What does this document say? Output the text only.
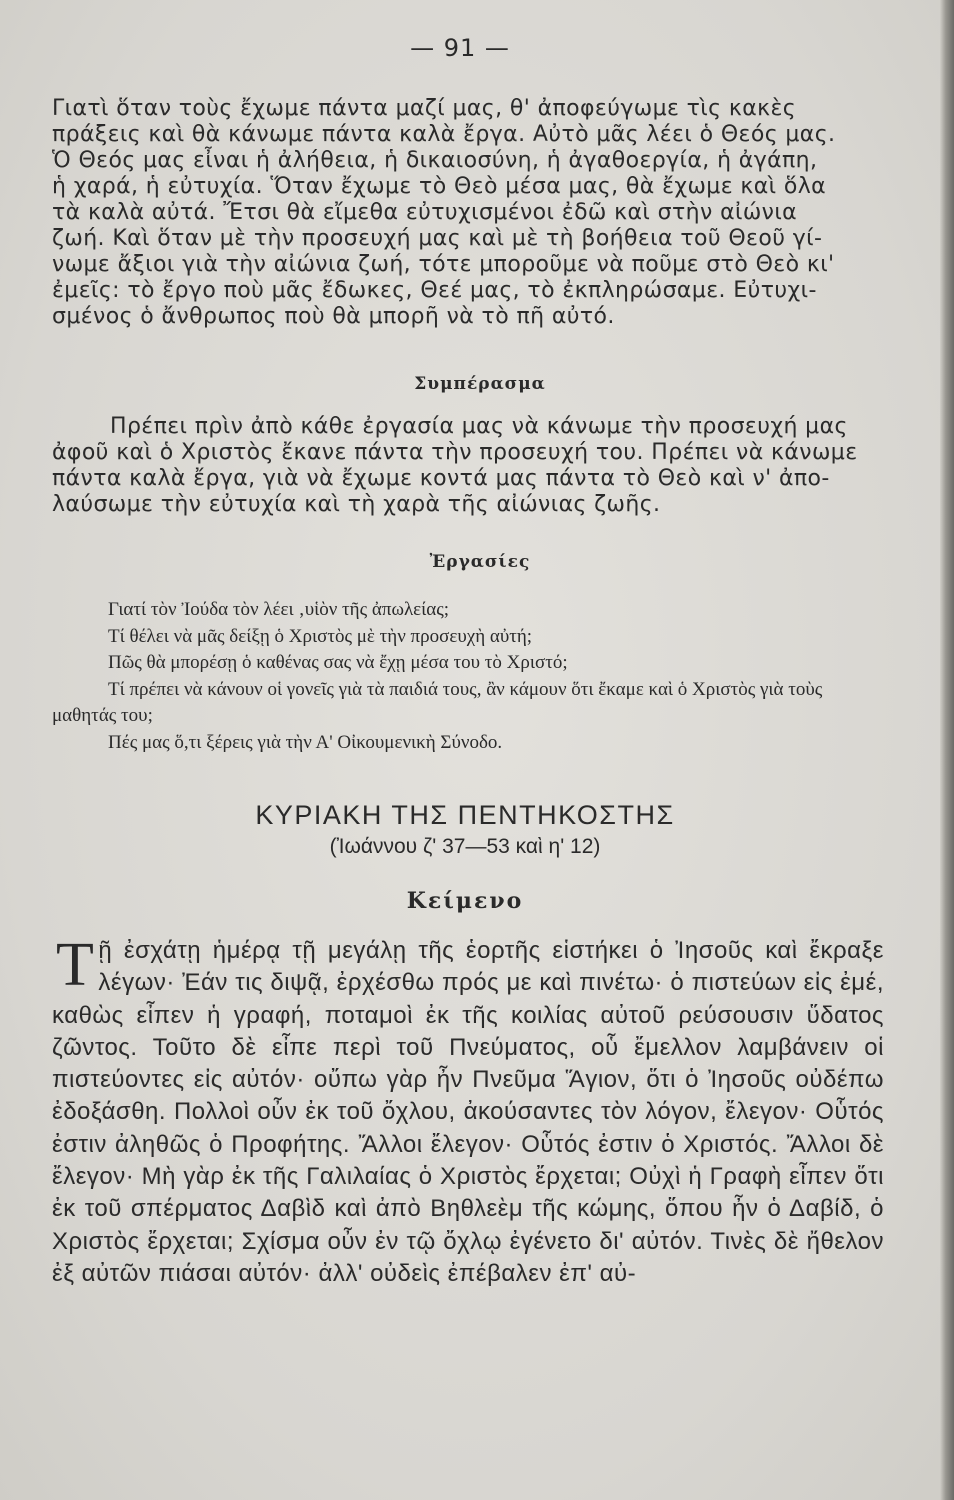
— 91 —

Γιατὶ ὅταν τοὺς ἔχωμε πάντα μαζί μας, θ' ἀποφεύγωμε τὶς κακὲς

πράξεις καὶ θὰ κάνωμε πάντα καλὰ ἔργα. Αὐτὸ μᾶς λέει ὁ Θεός μας.

Ὁ Θεός μας εἶναι ἡ ἀλήθεια, ἡ δικαιοσύνη, ἡ ἀγαθοεργία, ἡ ἀγάπη,

ἡ χαρά, ἡ εὐτυχία. Ὅταν ἔχωμε τὸ Θεὸ μέσα μας, θὰ ἔχωμε καὶ ὅλα

τὰ καλὰ αὐτά. Ἔτσι θὰ εἴμεθα εὐτυχισμένοι ἐδῶ καὶ στὴν αἰώνια

ζωή. Καὶ ὅταν μὲ τὴν προσευχή μας καὶ μὲ τὴ βοήθεια τοῦ Θεοῦ γί-

νωμε ἄξιοι γιὰ τὴν αἰώνια ζωή, τότε μποροῦμε νὰ ποῦμε στὸ Θεὸ κι'

ἐμεῖς: τὸ ἔργο ποὺ μᾶς ἔδωκες, Θεέ μας, τὸ ἐκπληρώσαμε. Εὐτυχι-

σμένος ὁ ἄνθρωπος ποὺ θὰ μπορῆ νὰ τὸ πῆ αὐτό.

Συμπέρασμα

Πρέπει πρὶν ἀπὸ κάθε ἐργασία μας νὰ κάνωμε τὴν προσευχή μας

ἀφοῦ καὶ ὁ Χριστὸς ἔκανε πάντα τὴν προσευχή του. Πρέπει νὰ κάνωμε

πάντα καλὰ ἔργα, γιὰ νὰ ἔχωμε κοντά μας πάντα τὸ Θεὸ καὶ ν' ἀπο-

λαύσωμε τὴν εὐτυχία καὶ τὴ χαρὰ τῆς αἰώνιας ζωῆς.

Ἐργασίες

Γιατί τὸν Ἰούδα τὸν λέει ‚υἱὸν τῆς ἀπωλείας;

Τί θέλει νὰ μᾶς δείξῃ ὁ Χριστὸς μὲ τὴν προσευχὴ αὐτή;

Πῶς θὰ μπορέσῃ ὁ καθένας σας νὰ ἔχῃ μέσα του τὸ Χριστό;

Τί πρέπει νὰ κάνουν οἱ γονεῖς γιὰ τὰ παιδιά τους, ἂν κάμουν ὅτι ἔκαμε καὶ ὁ Χριστὸς γιὰ τοὺς μαθητάς του;

Πές μας ὅ,τι ξέρεις γιὰ τὴν Α' Οἰκουμενικὴ Σύνοδο.

ΚΥΡΙΑΚΗ ΤΗΣ ΠΕΝΤΗΚΟΣΤΗΣ
(Ἰωάννου ζ' 37—53 καὶ η' 12)
Κείμενο
Τῇ ἐσχάτῃ ἡμέρᾳ τῇ μεγάλῃ τῆς ἑορτῆς εἱστήκει ὁ Ἰησοῦς καὶ ἔκραξε λέγων· Ἐάν τις διψᾷ, ἐρχέσθω πρός με καὶ πινέτω· ὁ πιστεύων εἰς ἐμέ, καθὼς εἶπεν ἡ γραφή, ποταμοὶ ἐκ τῆς κοιλίας αὐτοῦ ρεύσουσιν ὕδατος ζῶντος. Τοῦτο δὲ εἶπε περὶ τοῦ Πνεύματος, οὗ ἔμελλον λαμβάνειν οἱ πιστεύοντες εἰς αὐτόν· οὔπω γὰρ ἦν Πνεῦμα Ἅγιον, ὅτι ὁ Ἰησοῦς οὐδέπω ἐδοξάσθη. Πολλοὶ οὖν ἐκ τοῦ ὄχλου, ἀκούσαντες τὸν λόγον, ἔλεγον· Οὗτός ἐστιν ἀληθῶς ὁ Προφήτης. Ἄλλοι ἔλεγον· Οὗτός ἐστιν ὁ Χριστός. Ἄλλοι δὲ ἔλεγον· Μὴ γὰρ ἐκ τῆς Γαλιλαίας ὁ Χριστὸς ἔρχεται; Οὐχὶ ἡ Γραφὴ εἶπεν ὅτι ἐκ τοῦ σπέρματος Δαβὶδ καὶ ἀπὸ Βηθλεὲμ τῆς κώμης, ὅπου ἦν ὁ Δαβίδ, ὁ Χριστὸς ἔρχεται; Σχίσμα οὖν ἐν τῷ ὄχλῳ ἐγένετο δι' αὐτόν. Τινὲς δὲ ἤθελον ἐξ αὐτῶν πιάσαι αὐτόν· ἀλλ' οὐδεὶς ἐπέβαλεν ἐπ' αὐ-
